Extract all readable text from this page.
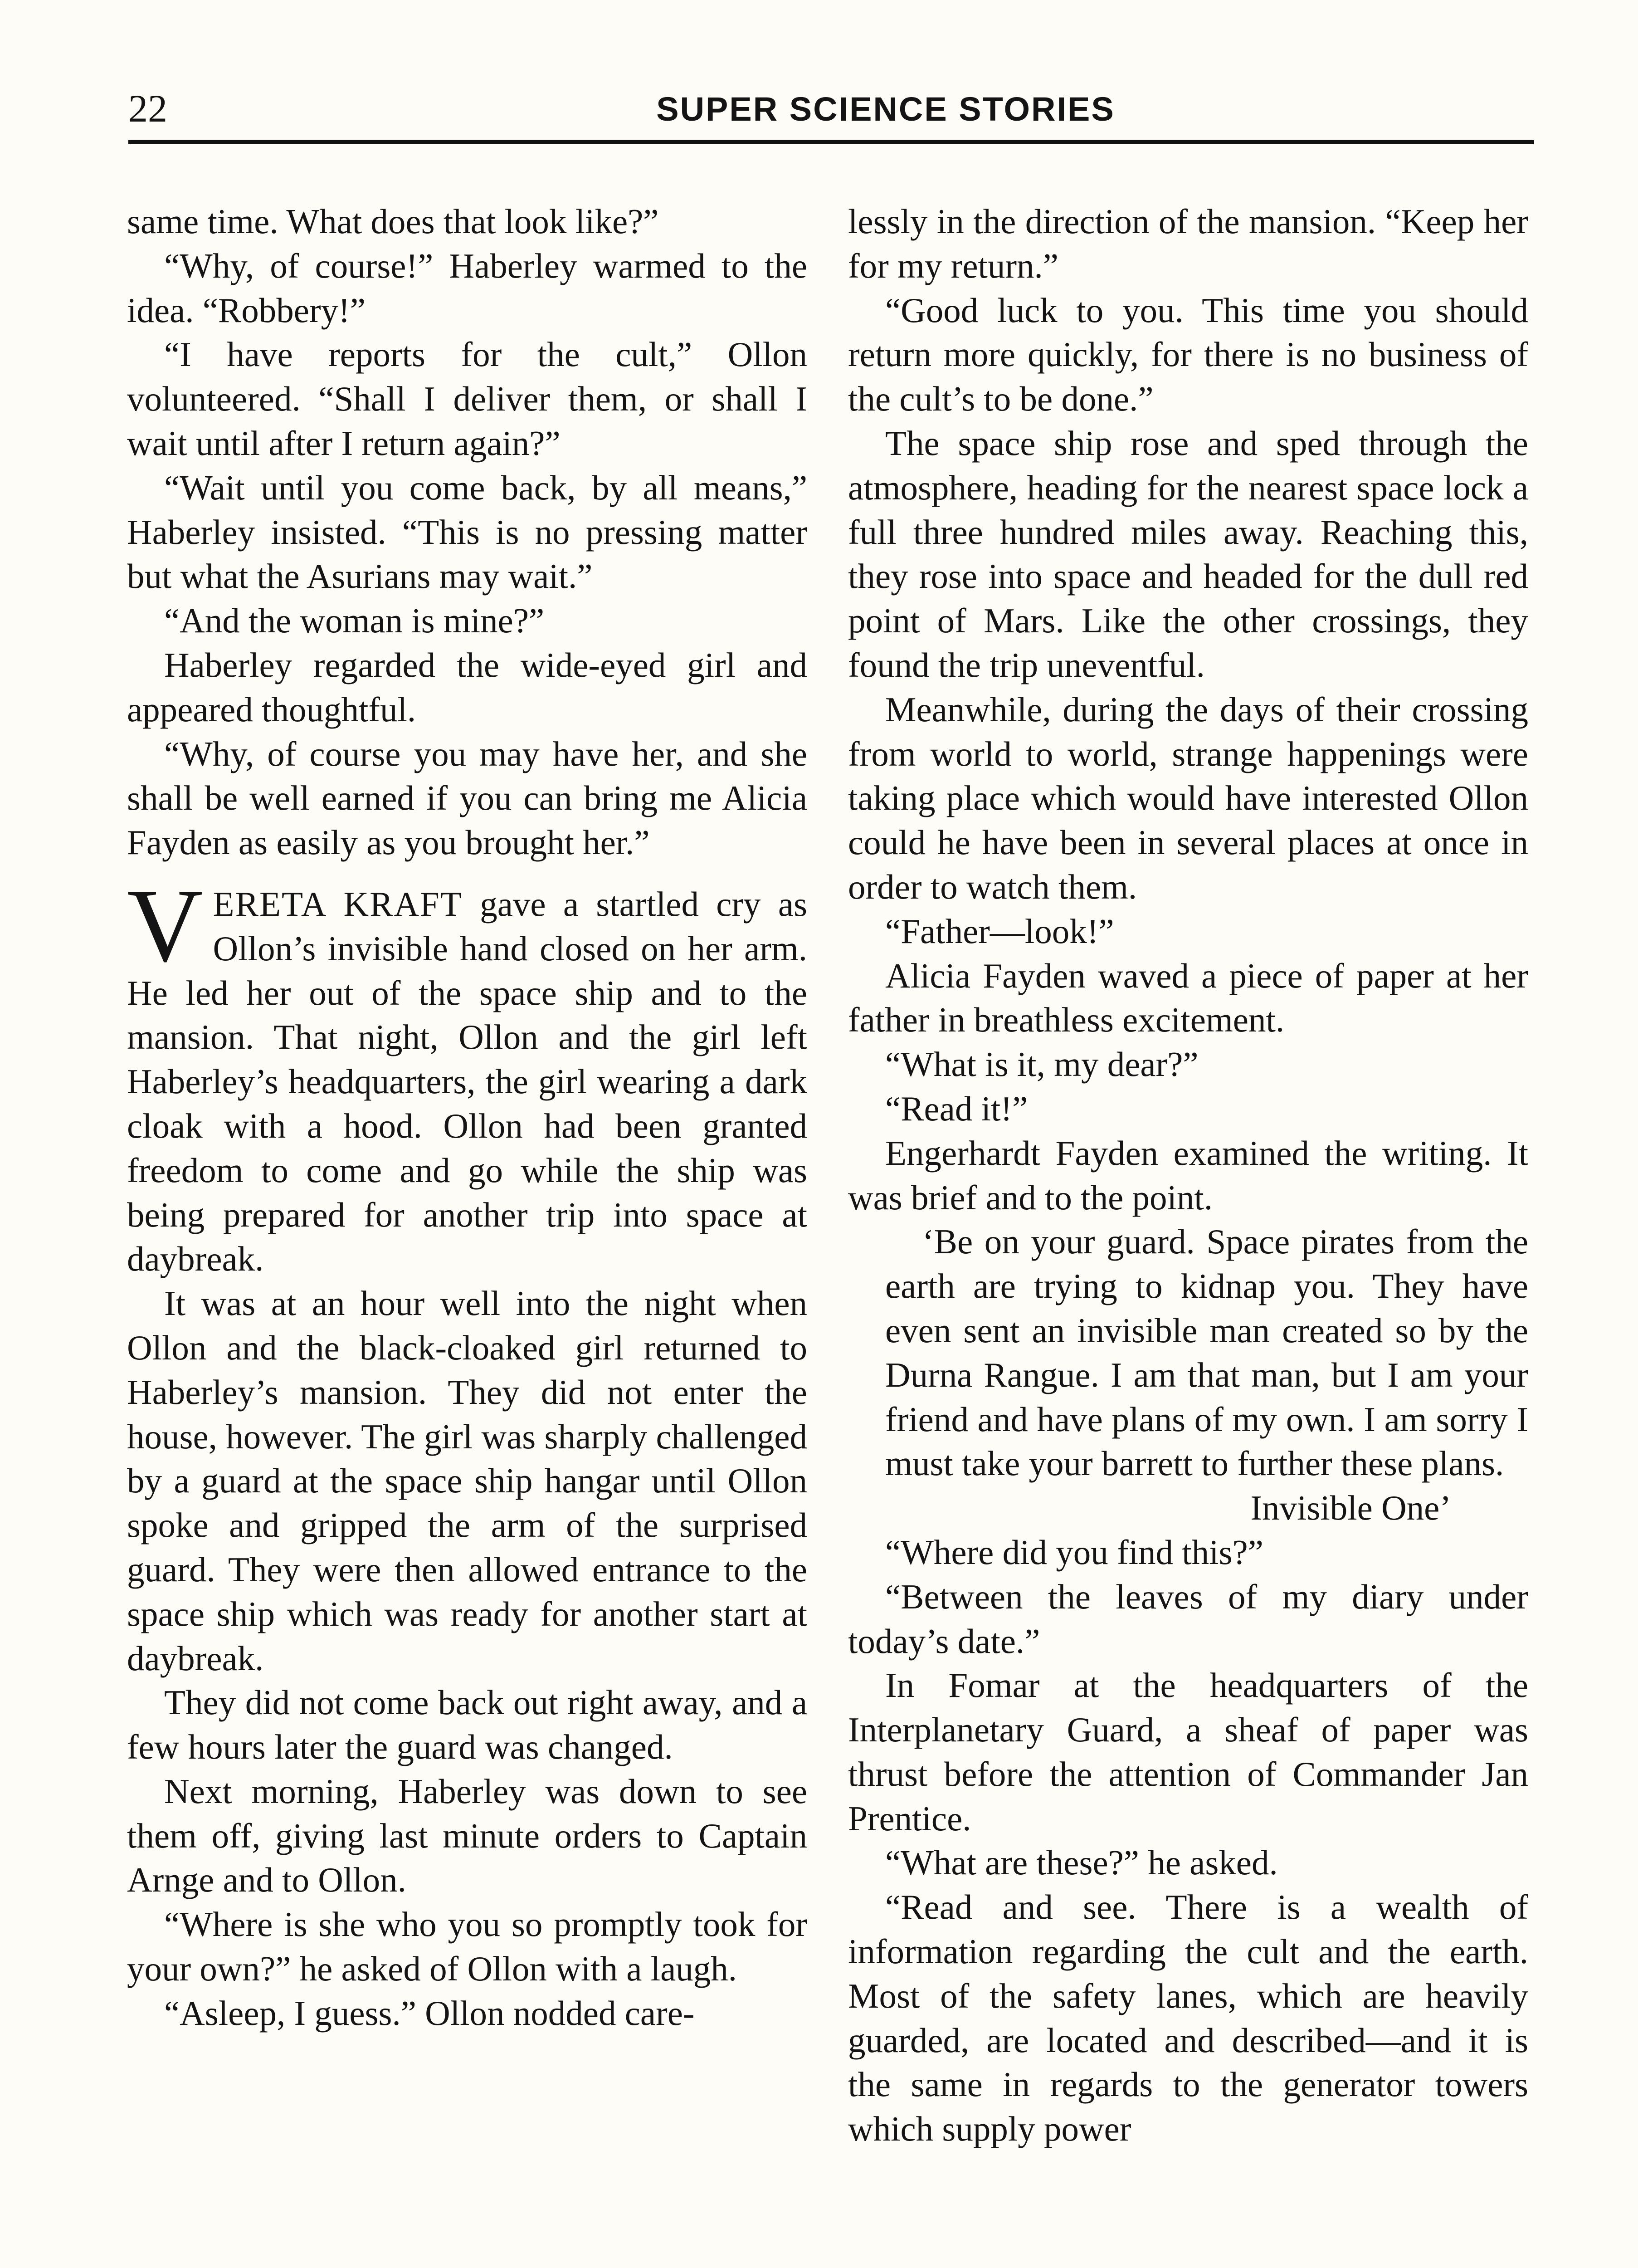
22	SUPER SCIENCE STORIES

same time. What does that look like?”

“Why, of course!” Haberley warmed to the idea. “Robbery!”

“I have reports for the cult,” Ollon volunteered. “Shall I deliver them, or shall I wait until after I return again?”

“Wait until you come back, by all means,” Haberley insisted. “This is no pressing matter but what the Asurians may wait.”

“And the woman is mine?”

Haberley regarded the wide-eyed girl and appeared thoughtful.

“Why, of course you may have her, and she shall be well earned if you can bring me Alicia Fayden as easily as you brought her.”

VERETA KRAFT gave a startled cry as Ollon’s invisible hand closed on her arm. He led her out of the space ship and to the mansion. That night, Ollon and the girl left Haberley’s headquarters, the girl wearing a dark cloak with a hood. Ollon had been granted freedom to come and go while the ship was being prepared for another trip into space at daybreak.

It was at an hour well into the night when Ollon and the black-cloaked girl returned to Haberley’s mansion. They did not enter the house, however. The girl was sharply challenged by a guard at the space ship hangar until Ollon spoke and gripped the arm of the surprised guard. They were then allowed entrance to the space ship which was ready for another start at daybreak.

They did not come back out right away, and a few hours later the guard was changed.

Next morning, Haberley was down to see them off, giving last minute orders to Captain Arnge and to Ollon.

“Where is she who you so promptly took for your own?” he asked of Ollon with a laugh.

“Asleep, I guess.” Ollon nodded care-

lessly in the direction of the mansion. “Keep her for my return.”

“Good luck to you. This time you should return more quickly, for there is no business of the cult’s to be done.”

The space ship rose and sped through the atmosphere, heading for the nearest space lock a full three hundred miles away. Reaching this, they rose into space and headed for the dull red point of Mars. Like the other crossings, they found the trip uneventful.

Meanwhile, during the days of their crossing from world to world, strange happenings were taking place which would have interested Ollon could he have been in several places at once in order to watch them.

“Father—look!”

Alicia Fayden waved a piece of paper at her father in breathless excitement.

“What is it, my dear?”

“Read it!”

Engerhardt Fayden examined the writing. It was brief and to the point.

‘Be on your guard. Space pirates from the earth are trying to kidnap you. They have even sent an invisible man created so by the Durna Rangue. I am that man, but I am your friend and have plans of my own. I am sorry I must take your barrett to further these plans.

Invisible One’

“Where did you find this?”

“Between the leaves of my diary under today’s date.”

In Fomar at the headquarters of the Interplanetary Guard, a sheaf of paper was thrust before the attention of Commander Jan Prentice.

“What are these?” he asked.

“Read and see. There is a wealth of information regarding the cult and the earth. Most of the safety lanes, which are heavily guarded, are located and described—and it is the same in regards to the generator towers which supply power
